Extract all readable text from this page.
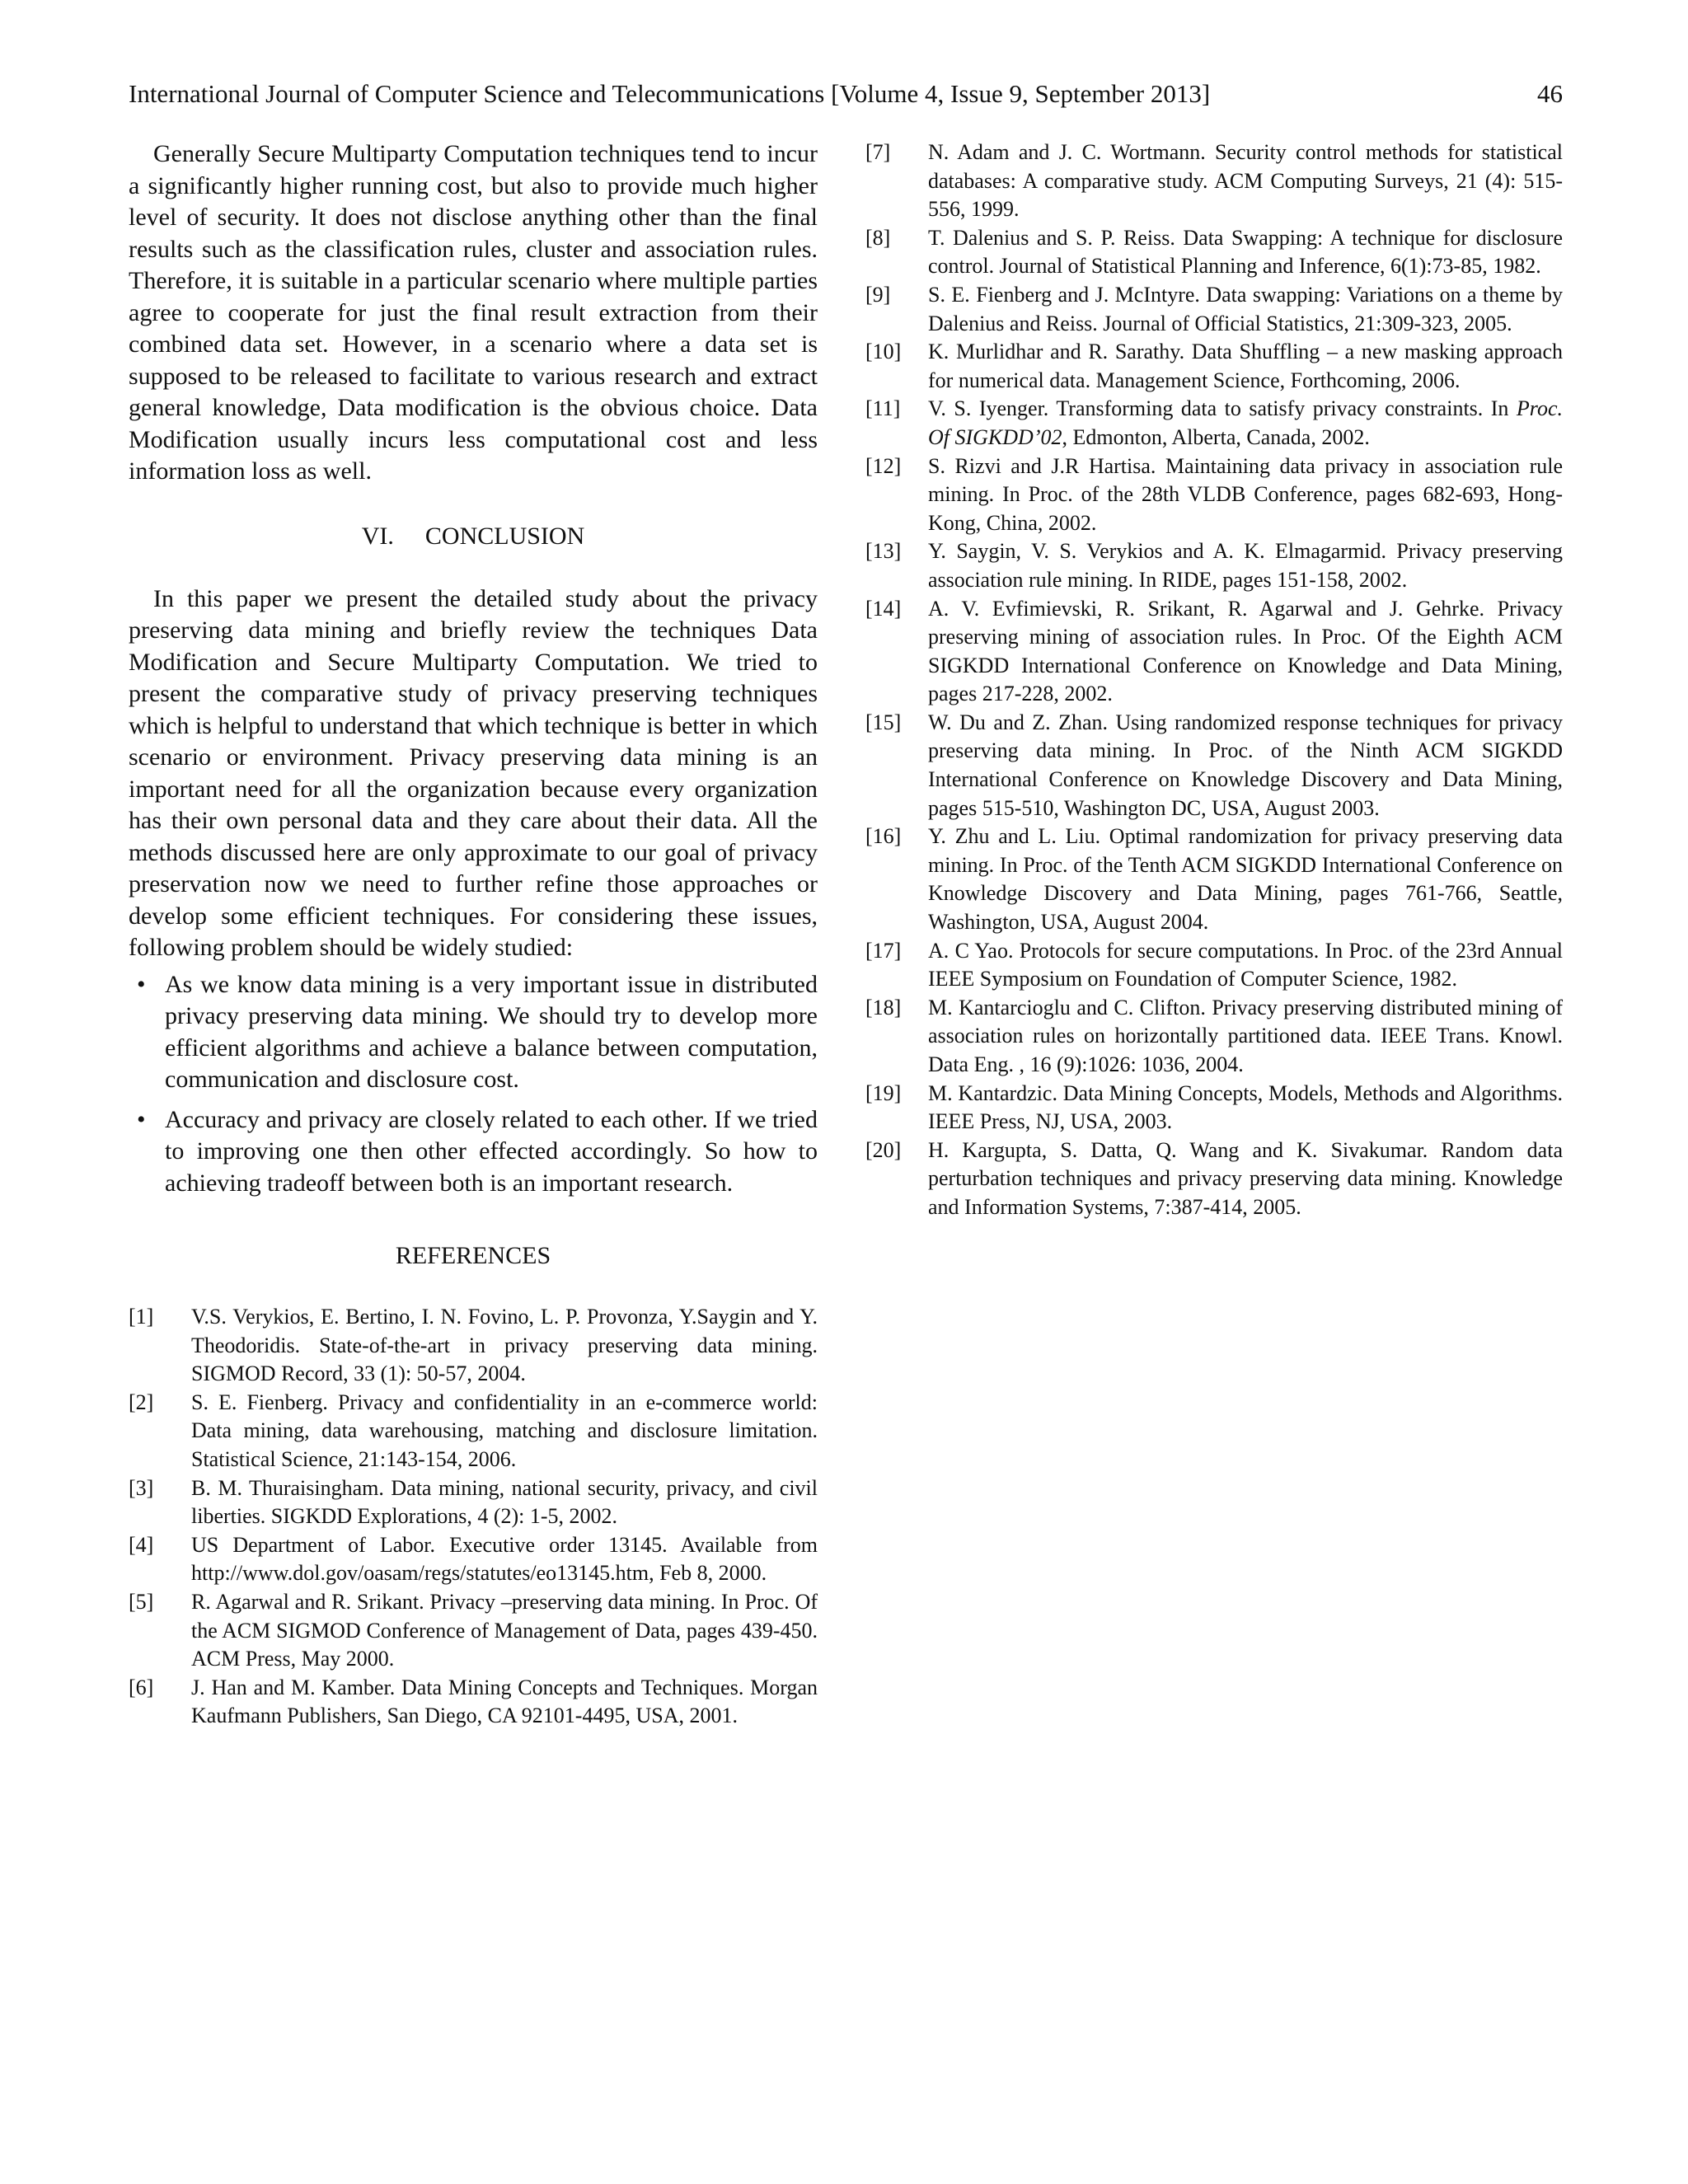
International Journal of Computer Science and Telecommunications [Volume 4, Issue 9, September 2013]	46

Generally Secure Multiparty Computation techniques tend to incur a significantly higher running cost, but also to provide much higher level of security. It does not disclose anything other than the final results such as the classification rules, cluster and association rules. Therefore, it is suitable in a particular scenario where multiple parties agree to cooperate for just the final result extraction from their combined data set. However, in a scenario where a data set is supposed to be released to facilitate to various research and extract general knowledge, Data modification is the obvious choice. Data Modification usually incurs less computational cost and less information loss as well.

VI. CONCLUSION

In this paper we present the detailed study about the privacy preserving data mining and briefly review the techniques Data Modification and Secure Multiparty Computation. We tried to present the comparative study of privacy preserving techniques which is helpful to understand that which technique is better in which scenario or environment. Privacy preserving data mining is an important need for all the organization because every organization has their own personal data and they care about their data. All the methods discussed here are only approximate to our goal of privacy preservation now we need to further refine those approaches or develop some efficient techniques. For considering these issues, following problem should be widely studied:

• As we know data mining is a very important issue in distributed privacy preserving data mining. We should try to develop more efficient algorithms and achieve a balance between computation, communication and disclosure cost.
• Accuracy and privacy are closely related to each other. If we tried to improving one then other effected accordingly. So how to achieving tradeoff between both is an important research.
REFERENCES
[1] V.S. Verykios, E. Bertino, I. N. Fovino, L. P. Provonza, Y.Saygin and Y. Theodoridis. State-of-the-art in privacy preserving data mining. SIGMOD Record, 33 (1): 50-57, 2004.
[2] S. E. Fienberg. Privacy and confidentiality in an e-commerce world: Data mining, data warehousing, matching and disclosure limitation. Statistical Science, 21:143-154, 2006.
[3] B. M. Thuraisingham. Data mining, national security, privacy, and civil liberties. SIGKDD Explorations, 4 (2): 1-5, 2002.
[4] US Department of Labor. Executive order 13145. Available from http://www.dol.gov/oasam/regs/statutes/eo13145.htm, Feb 8, 2000.
[5] R. Agarwal and R. Srikant. Privacy –preserving data mining. In Proc. Of the ACM SIGMOD Conference of Management of Data, pages 439-450. ACM Press, May 2000.
[6] J. Han and M. Kamber. Data Mining Concepts and Techniques. Morgan Kaufmann Publishers, San Diego, CA 92101-4495, USA, 2001.
[7] N. Adam and J. C. Wortmann. Security control methods for statistical databases: A comparative study. ACM Computing Surveys, 21 (4): 515-556, 1999.
[8] T. Dalenius and S. P. Reiss. Data Swapping: A technique for disclosure control. Journal of Statistical Planning and Inference, 6(1):73-85, 1982.
[9] S. E. Fienberg and J. McIntyre. Data swapping: Variations on a theme by Dalenius and Reiss. Journal of Official Statistics, 21:309-323, 2005.
[10] K. Murlidhar and R. Sarathy. Data Shuffling – a new masking approach for numerical data. Management Science, Forthcoming, 2006.
[11] V. S. Iyenger. Transforming data to satisfy privacy constraints. In Proc. Of SIGKDD’02, Edmonton, Alberta, Canada, 2002.
[12] S. Rizvi and J.R Hartisa. Maintaining data privacy in association rule mining. In Proc. of the 28th VLDB Conference, pages 682-693, Hong-Kong, China, 2002.
[13] Y. Saygin, V. S. Verykios and A. K. Elmagarmid. Privacy preserving association rule mining. In RIDE, pages 151-158, 2002.
[14] A. V. Evfimievski, R. Srikant, R. Agarwal and J. Gehrke. Privacy preserving mining of association rules. In Proc. Of the Eighth ACM SIGKDD International Conference on Knowledge and Data Mining, pages 217-228, 2002.
[15] W. Du and Z. Zhan. Using randomized response techniques for privacy preserving data mining. In Proc. of the Ninth ACM SIGKDD International Conference on Knowledge Discovery and Data Mining, pages 515-510, Washington DC, USA, August 2003.
[16] Y. Zhu and L. Liu. Optimal randomization for privacy preserving data mining. In Proc. of the Tenth ACM SIGKDD International Conference on Knowledge Discovery and Data Mining, pages 761-766, Seattle, Washington, USA, August 2004.
[17] A. C Yao. Protocols for secure computations. In Proc. of the 23rd Annual IEEE Symposium on Foundation of Computer Science, 1982.
[18] M. Kantarcioglu and C. Clifton. Privacy preserving distributed mining of association rules on horizontally partitioned data. IEEE Trans. Knowl. Data Eng. , 16 (9):1026: 1036, 2004.
[19] M. Kantardzic. Data Mining Concepts, Models, Methods and Algorithms. IEEE Press, NJ, USA, 2003.
[20] H. Kargupta, S. Datta, Q. Wang and K. Sivakumar. Random data perturbation techniques and privacy preserving data mining. Knowledge and Information Systems, 7:387-414, 2005.
